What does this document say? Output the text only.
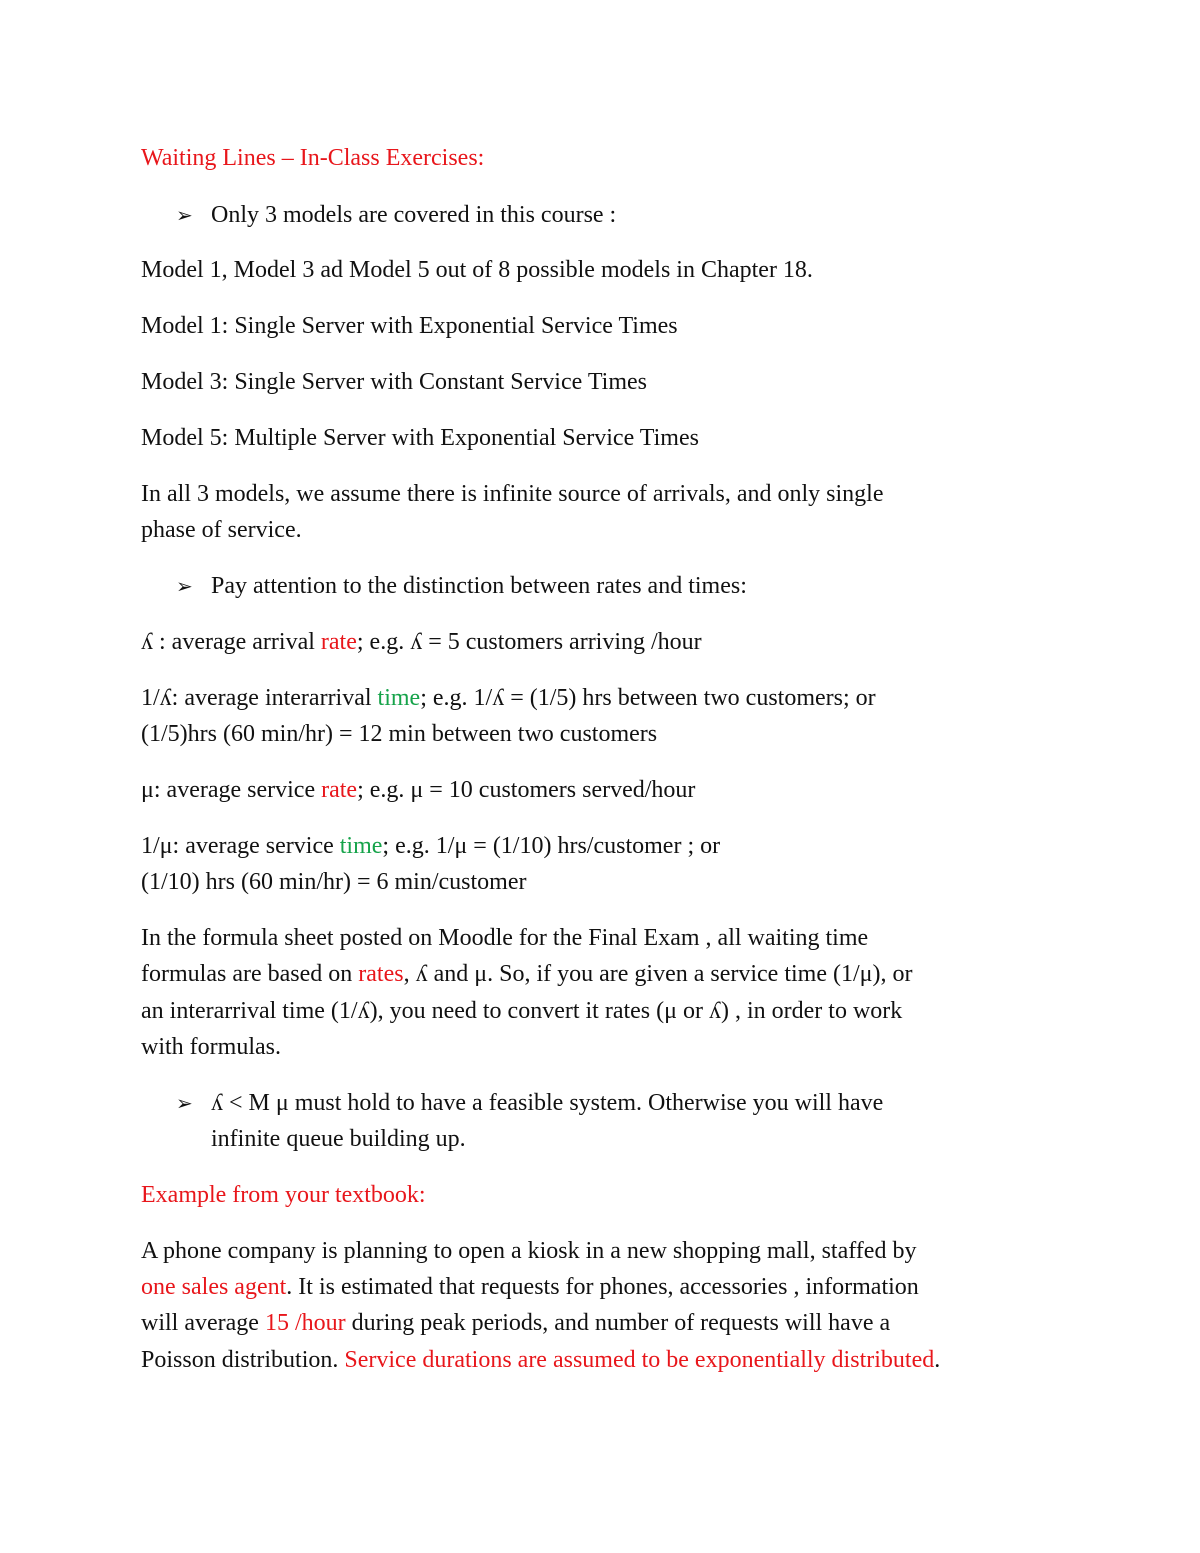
Waiting Lines – In-Class Exercises:
➢ Only 3 models are covered in this course :
Model 1, Model 3 ad Model 5 out of 8 possible models in Chapter 18.
Model 1: Single Server with Exponential Service Times
Model 3: Single Server with Constant Service Times
Model 5: Multiple Server with Exponential Service Times
In all 3 models, we assume there is infinite source of arrivals, and only single
phase of service.
➢ Pay attention to the distinction between rates and times:
ʎ : average arrival rate; e.g. ʎ = 5 customers arriving /hour
1/ʎ: average interarrival time; e.g. 1/ʎ = (1/5) hrs between two customers; or
(1/5)hrs (60 min/hr) = 12 min between two customers
μ: average service rate; e.g. μ = 10 customers served/hour
1/μ: average service time; e.g. 1/μ = (1/10) hrs/customer ; or
(1/10) hrs (60 min/hr) = 6 min/customer
In the formula sheet posted on Moodle for the Final Exam , all waiting time
formulas are based on rates, ʎ and μ. So, if you are given a service time (1/μ), or
an interarrival time (1/ʎ), you need to convert it rates (μ or ʎ) , in order to work
with formulas.
➢ ʎ < M μ must hold to have a feasible system. Otherwise you will have
infinite queue building up.
Example from your textbook:
A phone company is planning to open a kiosk in a new shopping mall, staffed by
one sales agent. It is estimated that requests for phones, accessories , information
will average 15 /hour during peak periods, and number of requests will have a
Poisson distribution. Service durations are assumed to be exponentially distributed.
